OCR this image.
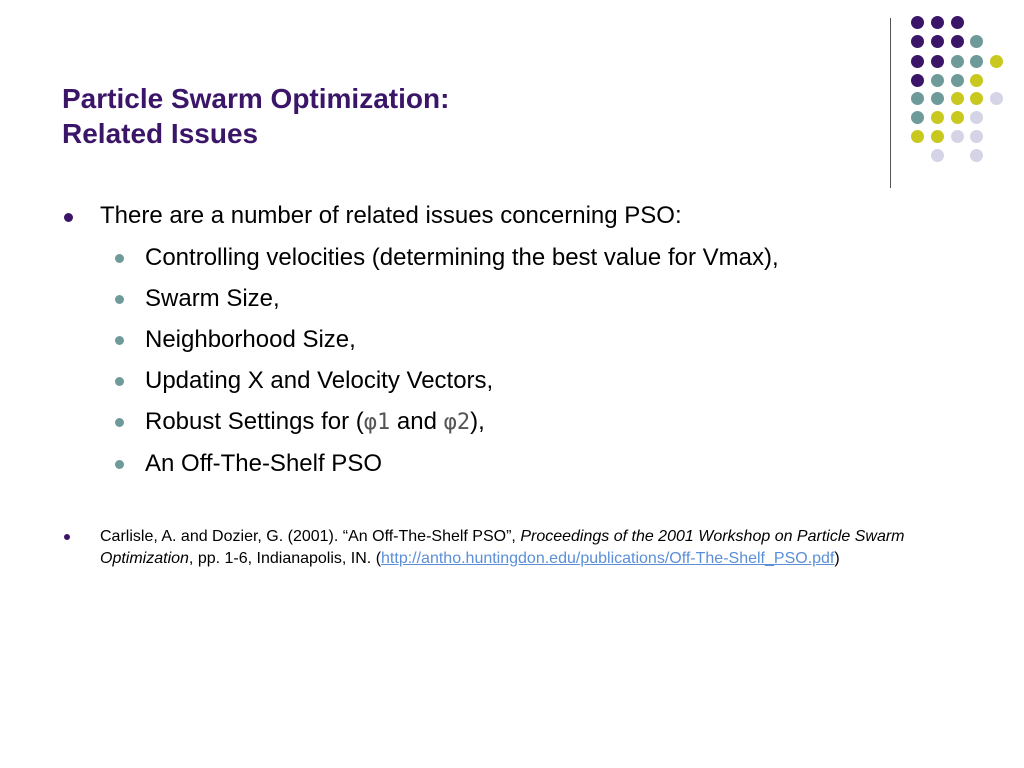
Particle Swarm Optimization:
Related Issues
There are a number of related issues concerning PSO:
Controlling velocities (determining the best value for Vmax),
Swarm Size,
Neighborhood Size,
Updating X and Velocity Vectors,
Robust Settings for (φ1 and φ2),
An Off-The-Shelf PSO

Carlisle, A. and Dozier, G. (2001). “An Off-The-Shelf PSO”, Proceedings of the 2001 Workshop on Particle Swarm Optimization, pp. 1-6, Indianapolis, IN. (http://antho.huntingdon.edu/publications/Off-The-Shelf_PSO.pdf)
